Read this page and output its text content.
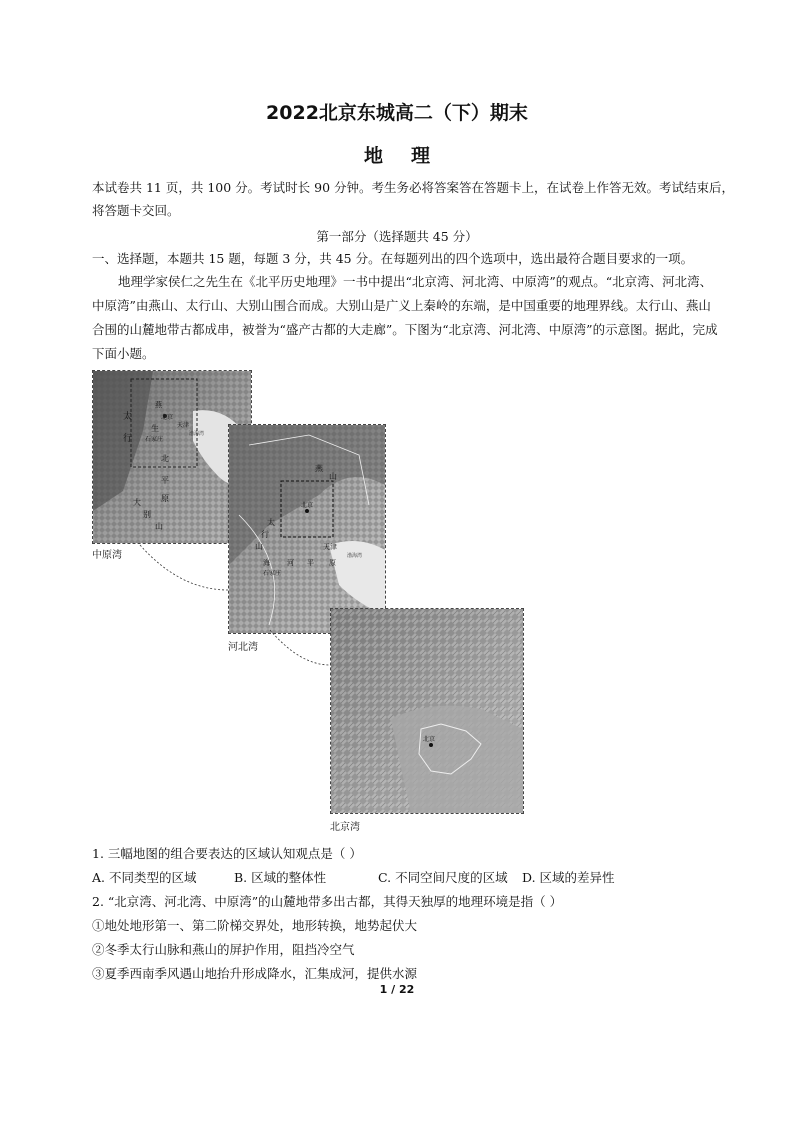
2022北京东城高二（下）期末
地理
本试卷共 11 页，共 100 分。考试时长 90 分钟。考生务必将答案答在答题卡上，在试卷上作答无效。考试结束后，
将答题卡交回。
第一部分（选择题共 45 分）
一、选择题，本题共 15 题，每题 3 分，共 45 分。在每题列出的四个选项中，选出最符合题目要求的一项。
地理学家侯仁之先生在《北平历史地理》一书中提出“北京湾、河北湾、中原湾”的观点。“北京湾、河北湾、
中原湾”由燕山、太行山、大别山围合而成。大别山是广义上秦岭的东端，是中国重要的地理界线。太行山、燕山
合围的山麓地带古都成串，被誉为“盛产古都的大走廊”。下图为“北京湾、河北湾、中原湾”的示意图。据此，完成
下面小题。
天津
燕
北京
渤海湾
石家庄
太
行
生
北
平
原
大
别
山
中原湾
北京
天津
渤海湾
石家庄
海 河 平 原
燕
山
太
行
山
河北湾
北京
北京湾
1. 三幅地图的组合要表达的区域认知观点是（ ）
A. 不同类型的区域	B. 区域的整体性	C. 不同空间尺度的区域 D. 区域的差异性
2. “北京湾、河北湾、中原湾”的山麓地带多出古都，其得天独厚的地理环境是指（ ）
①地处地形第一、第二阶梯交界处，地形转换，地势起伏大
②冬季太行山脉和燕山的屏护作用，阻挡冷空气
③夏季西南季风遇山地抬升形成降水，汇集成河，提供水源
1 / 22
